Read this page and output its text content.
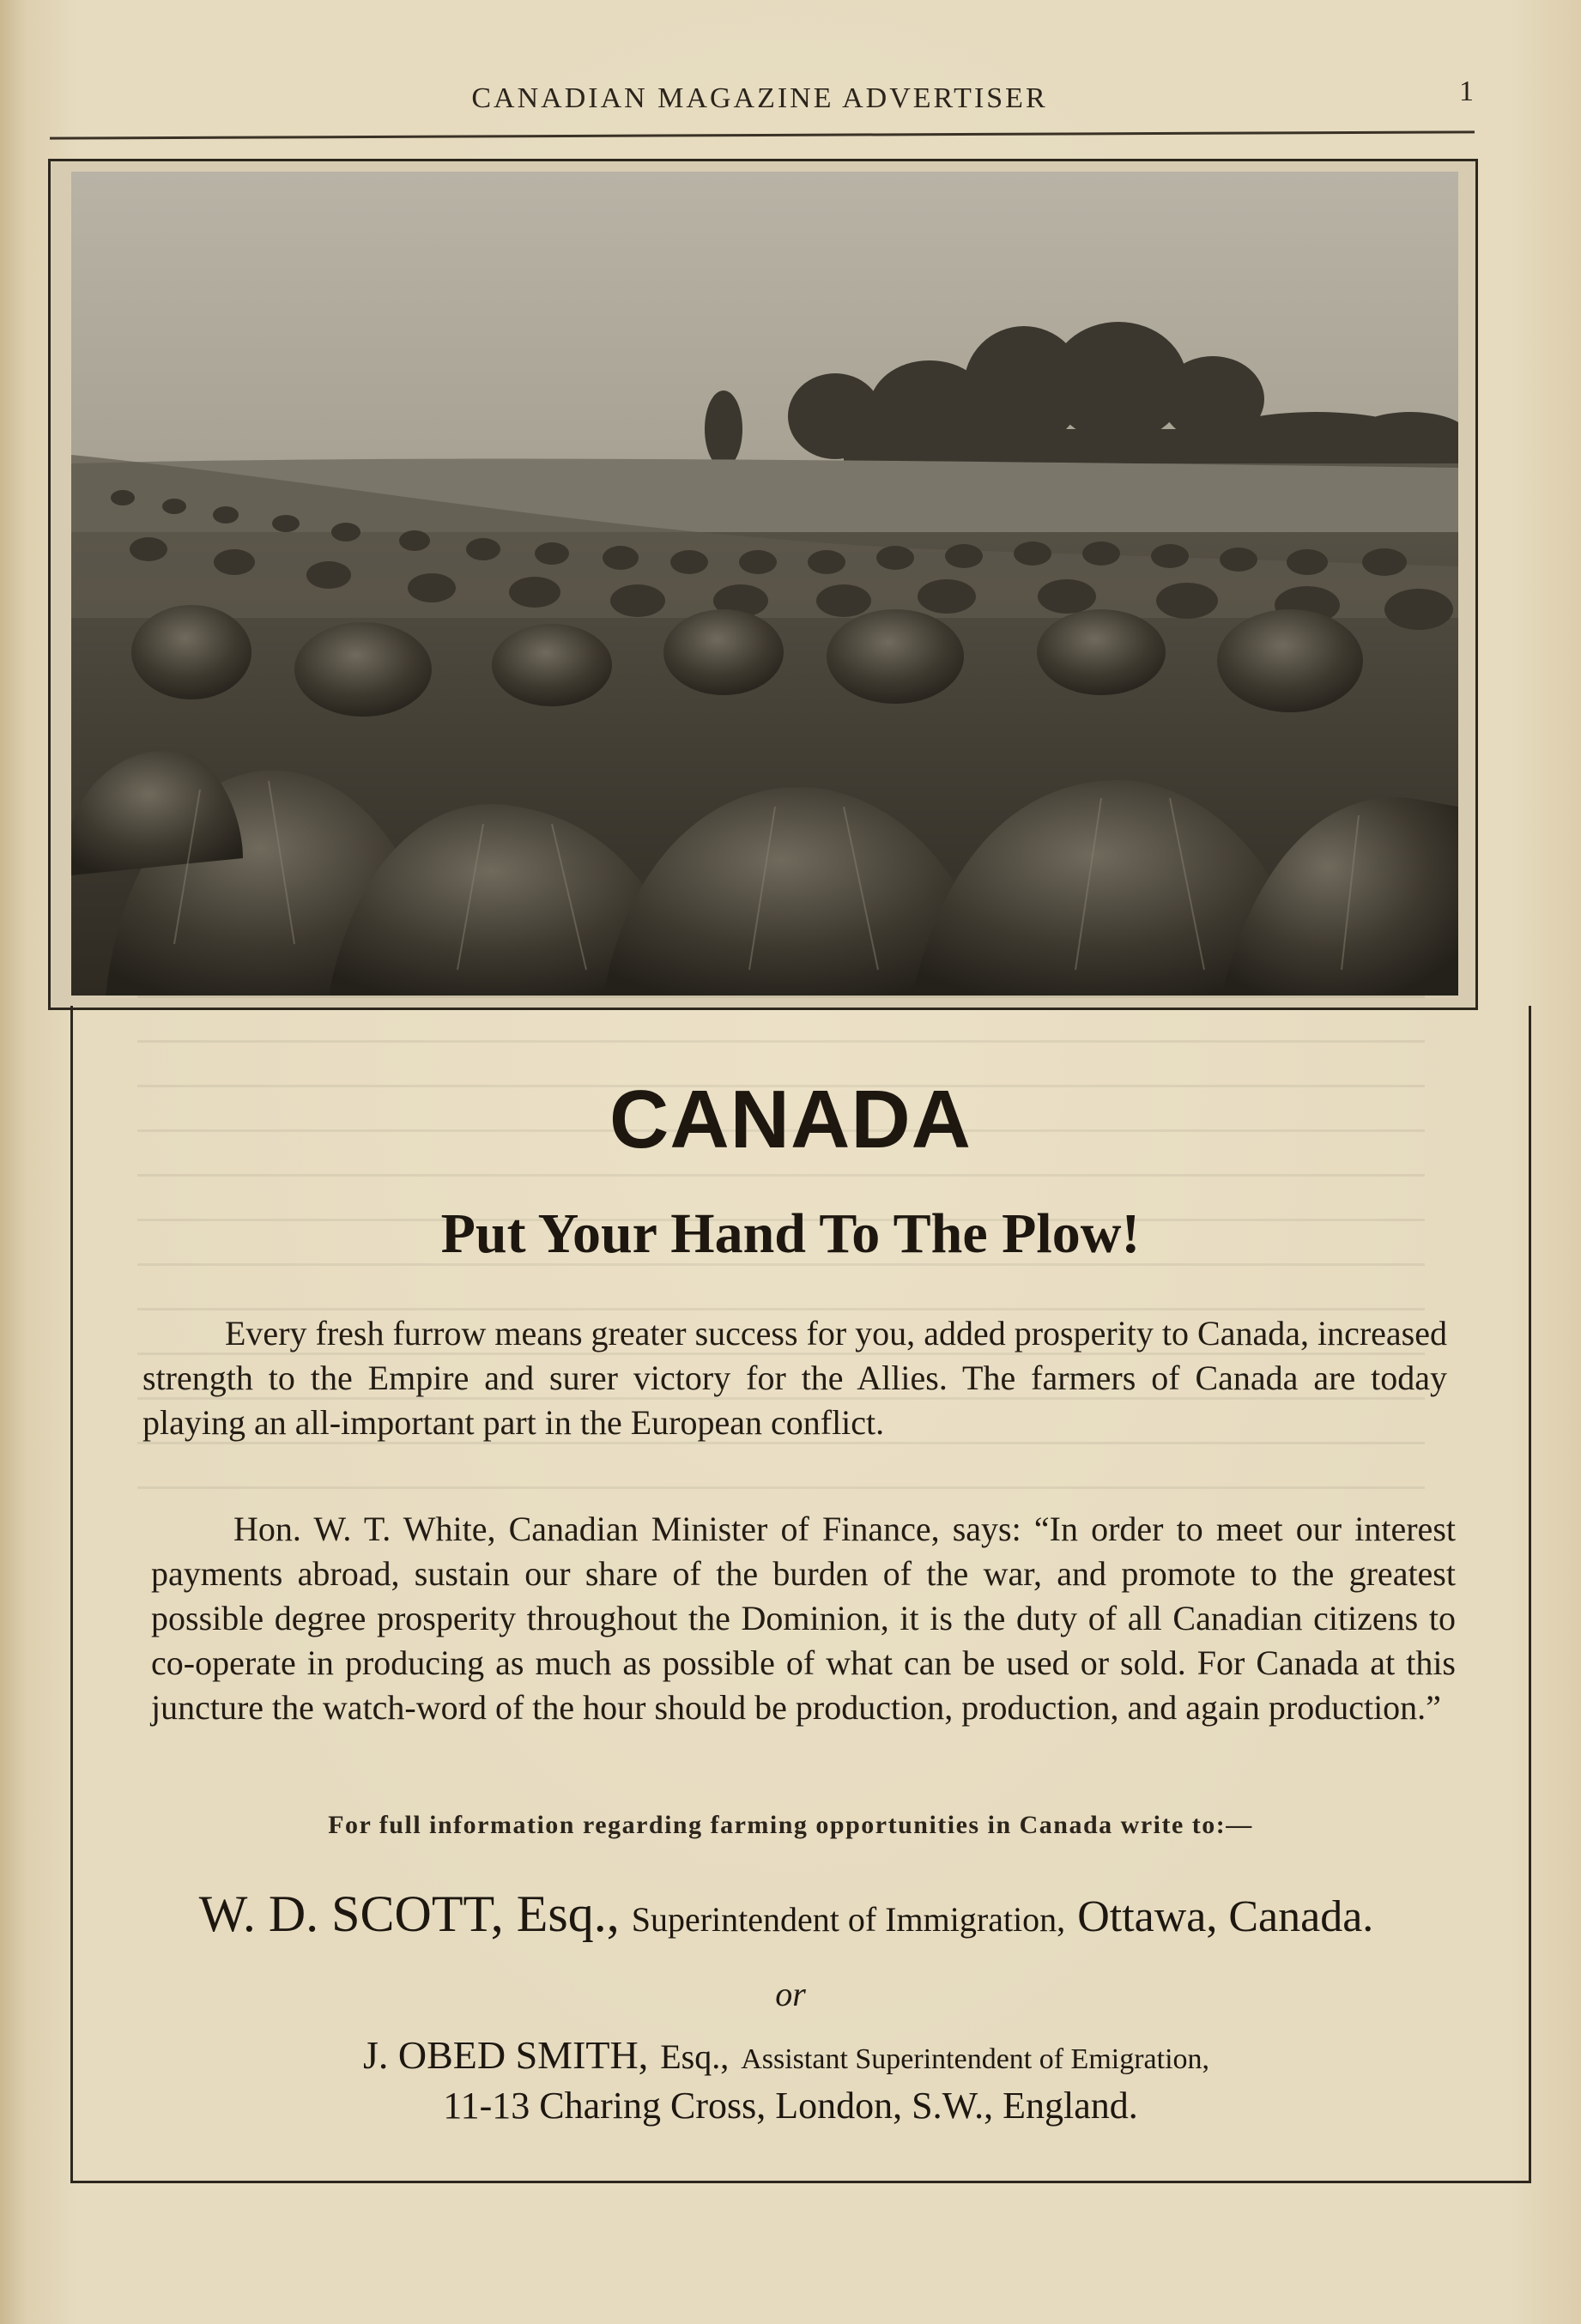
CANADIAN MAGAZINE ADVERTISER	1
CANADA
Put Your Hand To The Plow!
Every fresh furrow means greater success for you, added prosperity to Canada, increased strength to the Empire and surer victory for the Allies. The farmers of Canada are today playing an all-important part in the European conflict.
Hon. W. T. White, Canadian Minister of Finance, says: “In order to meet our interest payments abroad, sustain our share of the burden of the war, and promote to the greatest possible degree prosperity throughout the Dominion, it is the duty of all Canadian citizens to co-operate in producing as much as possible of what can be used or sold. For Canada at this juncture the watch-word of the hour should be production, production, and again production.”
For full information regarding farming opportunities in Canada write to:—
W. D. SCOTT, Esq., Superintendent of Immigration, Ottawa, Canada.
or
J. OBED SMITH, Esq., Assistant Superintendent of Emigration,
11-13 Charing Cross, London, S.W., England.
